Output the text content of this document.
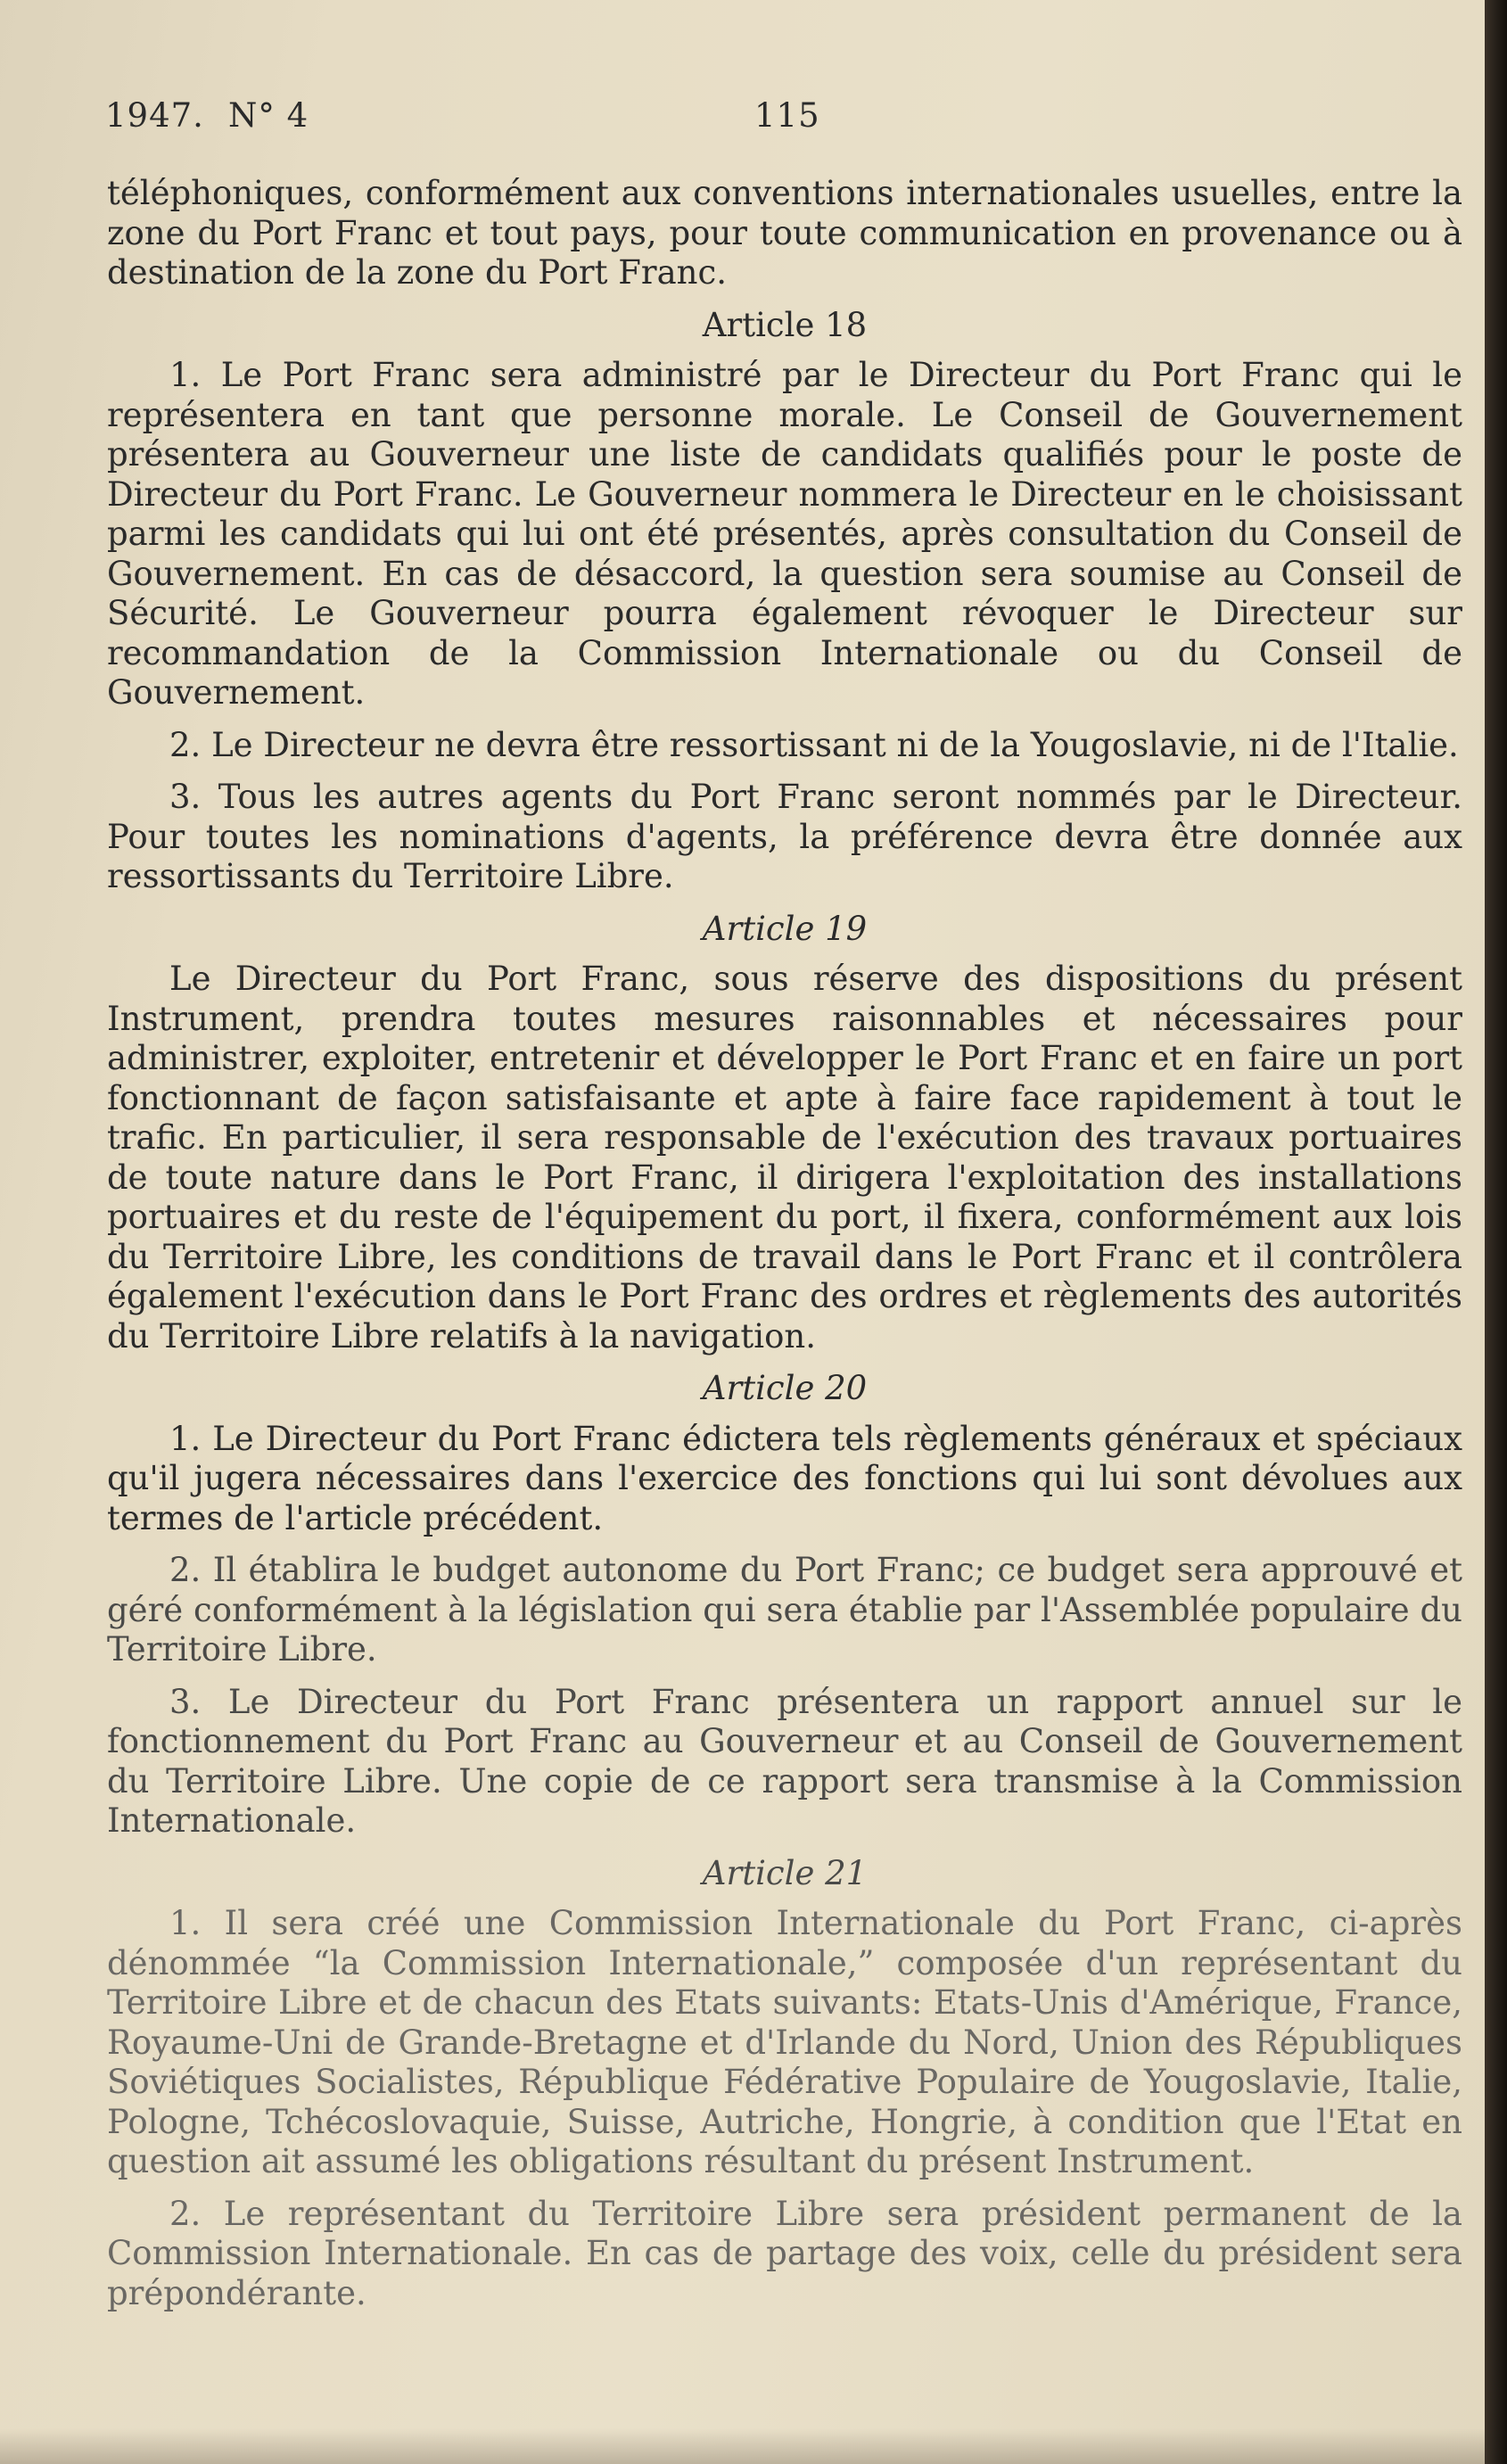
1947. N° 4	115

téléphoniques, conformément aux conventions internationales usuelles, entre la zone du Port Franc et tout pays, pour toute communication en provenance ou à destination de la zone du Port Franc.

Article 18

1. Le Port Franc sera administré par le Directeur du Port Franc qui le représentera en tant que personne morale. Le Conseil de Gouvernement présentera au Gouverneur une liste de candidats qualifiés pour le poste de Directeur du Port Franc. Le Gouverneur nommera le Directeur en le choisissant parmi les candidats qui lui ont été présentés, après consultation du Conseil de Gouvernement. En cas de désaccord, la question sera soumise au Conseil de Sécurité. Le Gouverneur pourra également révoquer le Directeur sur recommandation de la Commission Internationale ou du Conseil de Gouvernement.

2. Le Directeur ne devra être ressortissant ni de la Yougoslavie, ni de l'Italie.

3. Tous les autres agents du Port Franc seront nommés par le Directeur. Pour toutes les nominations d'agents, la préférence devra être donnée aux ressortissants du Territoire Libre.

Article 19

Le Directeur du Port Franc, sous réserve des dispositions du présent Instrument, prendra toutes mesures raisonnables et nécessaires pour administrer, exploiter, entretenir et développer le Port Franc et en faire un port fonctionnant de façon satisfaisante et apte à faire face rapidement à tout le trafic. En particulier, il sera responsable de l'exécution des travaux portuaires de toute nature dans le Port Franc, il dirigera l'exploitation des installations portuaires et du reste de l'équipement du port, il fixera, conformément aux lois du Territoire Libre, les conditions de travail dans le Port Franc et il contrôlera également l'exécution dans le Port Franc des ordres et règlements des autorités du Territoire Libre relatifs à la navigation.

Article 20

1. Le Directeur du Port Franc édictera tels règlements généraux et spéciaux qu'il jugera nécessaires dans l'exercice des fonctions qui lui sont dévolues aux termes de l'article précédent.

2. Il établira le budget autonome du Port Franc; ce budget sera approuvé et géré conformément à la législation qui sera établie par l'Assemblée populaire du Territoire Libre.

3. Le Directeur du Port Franc présentera un rapport annuel sur le fonctionnement du Port Franc au Gouverneur et au Conseil de Gouvernement du Territoire Libre. Une copie de ce rapport sera transmise à la Commission Internationale.

Article 21

1. Il sera créé une Commission Internationale du Port Franc, ci-après dénommée “la Commission Internationale,” composée d'un représentant du Territoire Libre et de chacun des Etats suivants: Etats-Unis d'Amérique, France, Royaume-Uni de Grande-Bretagne et d'Irlande du Nord, Union des Républiques Soviétiques Socialistes, République Fédérative Populaire de Yougoslavie, Italie, Pologne, Tchécoslovaquie, Suisse, Autriche, Hongrie, à condition que l'Etat en question ait assumé les obligations résultant du présent Instrument.

2. Le représentant du Territoire Libre sera président permanent de la Commission Internationale. En cas de partage des voix, celle du président sera prépondérante.
